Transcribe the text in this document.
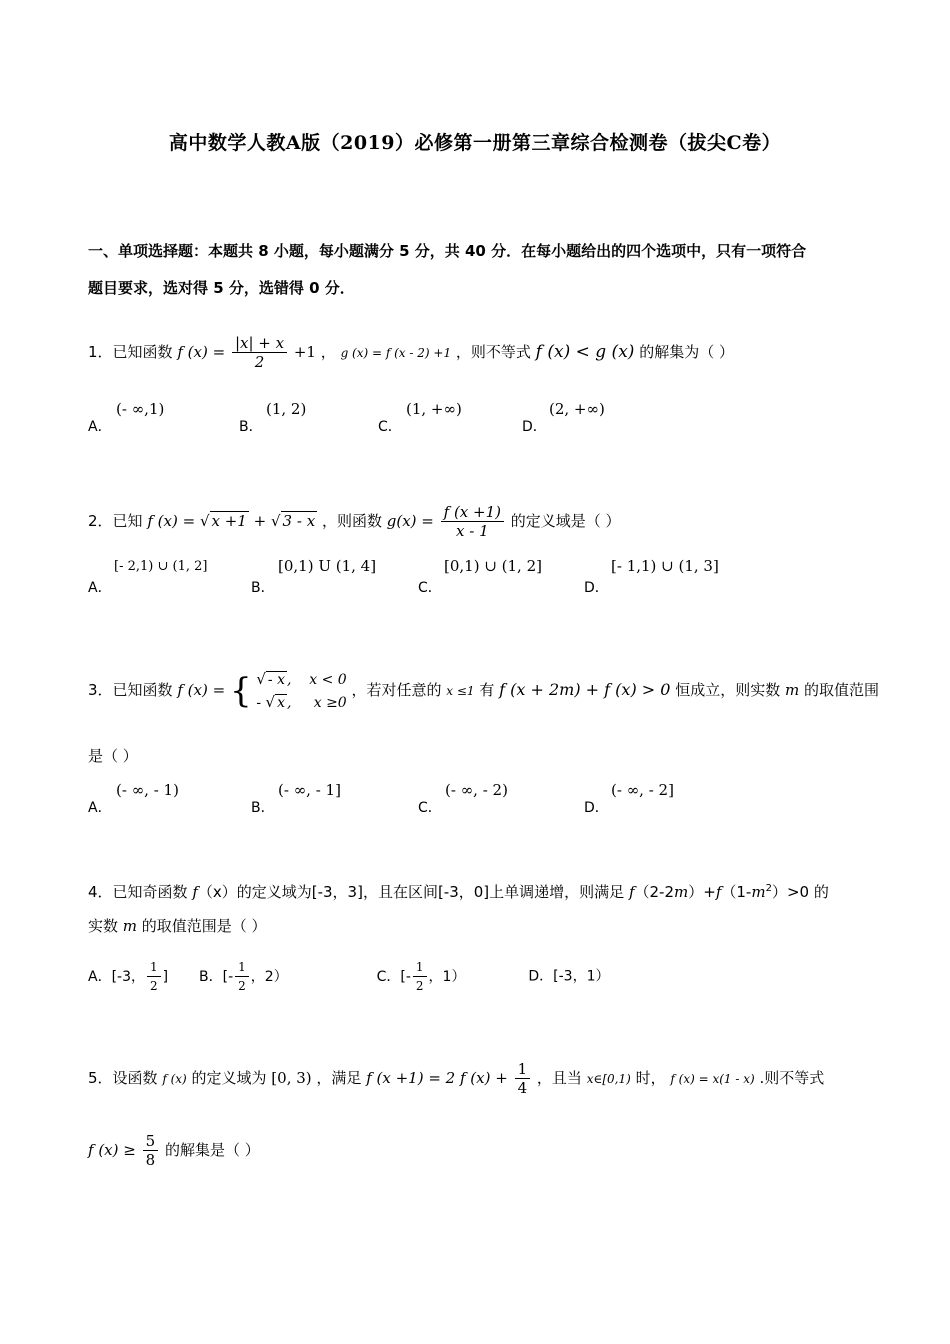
高中数学人教A版（2019）必修第一册第三章综合检测卷（拔尖C卷）
一、单项选择题：本题共 8 小题，每小题满分 5 分，共 40 分．在每小题给出的四个选项中，只有一项符合
题目要求，选对得 5 分，选错得 0 分．
1．已知函数 f $(x) = \frac{|x| + x}{2} +1$ ， g (x) = f (x - 2) +1 ，则不等式 f (x) < g (x) 的解集为（ ）
A．
(- ∞,1)
B．
(1, 2)
C．
(1, +∞)
D．
(2, +∞)
2．已知 f (x) = √ x +1 + √ 3 - x ，则函数 $g(x) = \frac{f (x +1)}{x - 1}$ 的定义域是（ ）
A．
[- 2,1) ∪ (1, 2]
B．
[0,1) U (1, 4]
C．
[0,1) ∪ (1, 2]
D．
[- 1,1) ∪ (1, 3]
3．已知函数 f (x) = { √ - x ,    x < 0
- √ x ,     x ≥0
，若对任意的 x ≤1 有 f (x + 2m) + f (x) > 0 恒成立，则实数 m 的取值范围
是（ ）
A．
(- ∞, - 1)
B．
(- ∞, - 1]
C．
(- ∞, - 2)
D．
(- ∞, - 2]
4．已知奇函数 f（x）的定义域为[-3，3]，且在区间[-3，0]上单调递增，则满足 $f(2-2m)+f(1-m^2)>0$ 的
实数 m 的取值范围是（ ）
A．[-3， $\frac{1}{2}$ ] B．[- $\frac{1}{2}$ ，2）	C．[- $\frac{1}{2}$ ，1）	D．[-3，1）
5．设函数 f (x) 的定义域为 [0, 3) ，满足 f (x +1) = 2 f $(x) + \frac{1}{4}$ ，且当 x∈[0,1) 时， f (x) = x(1 - x) .则不等式
f $(x) \ge \frac{5}{8}$ 的解集是（ ）
